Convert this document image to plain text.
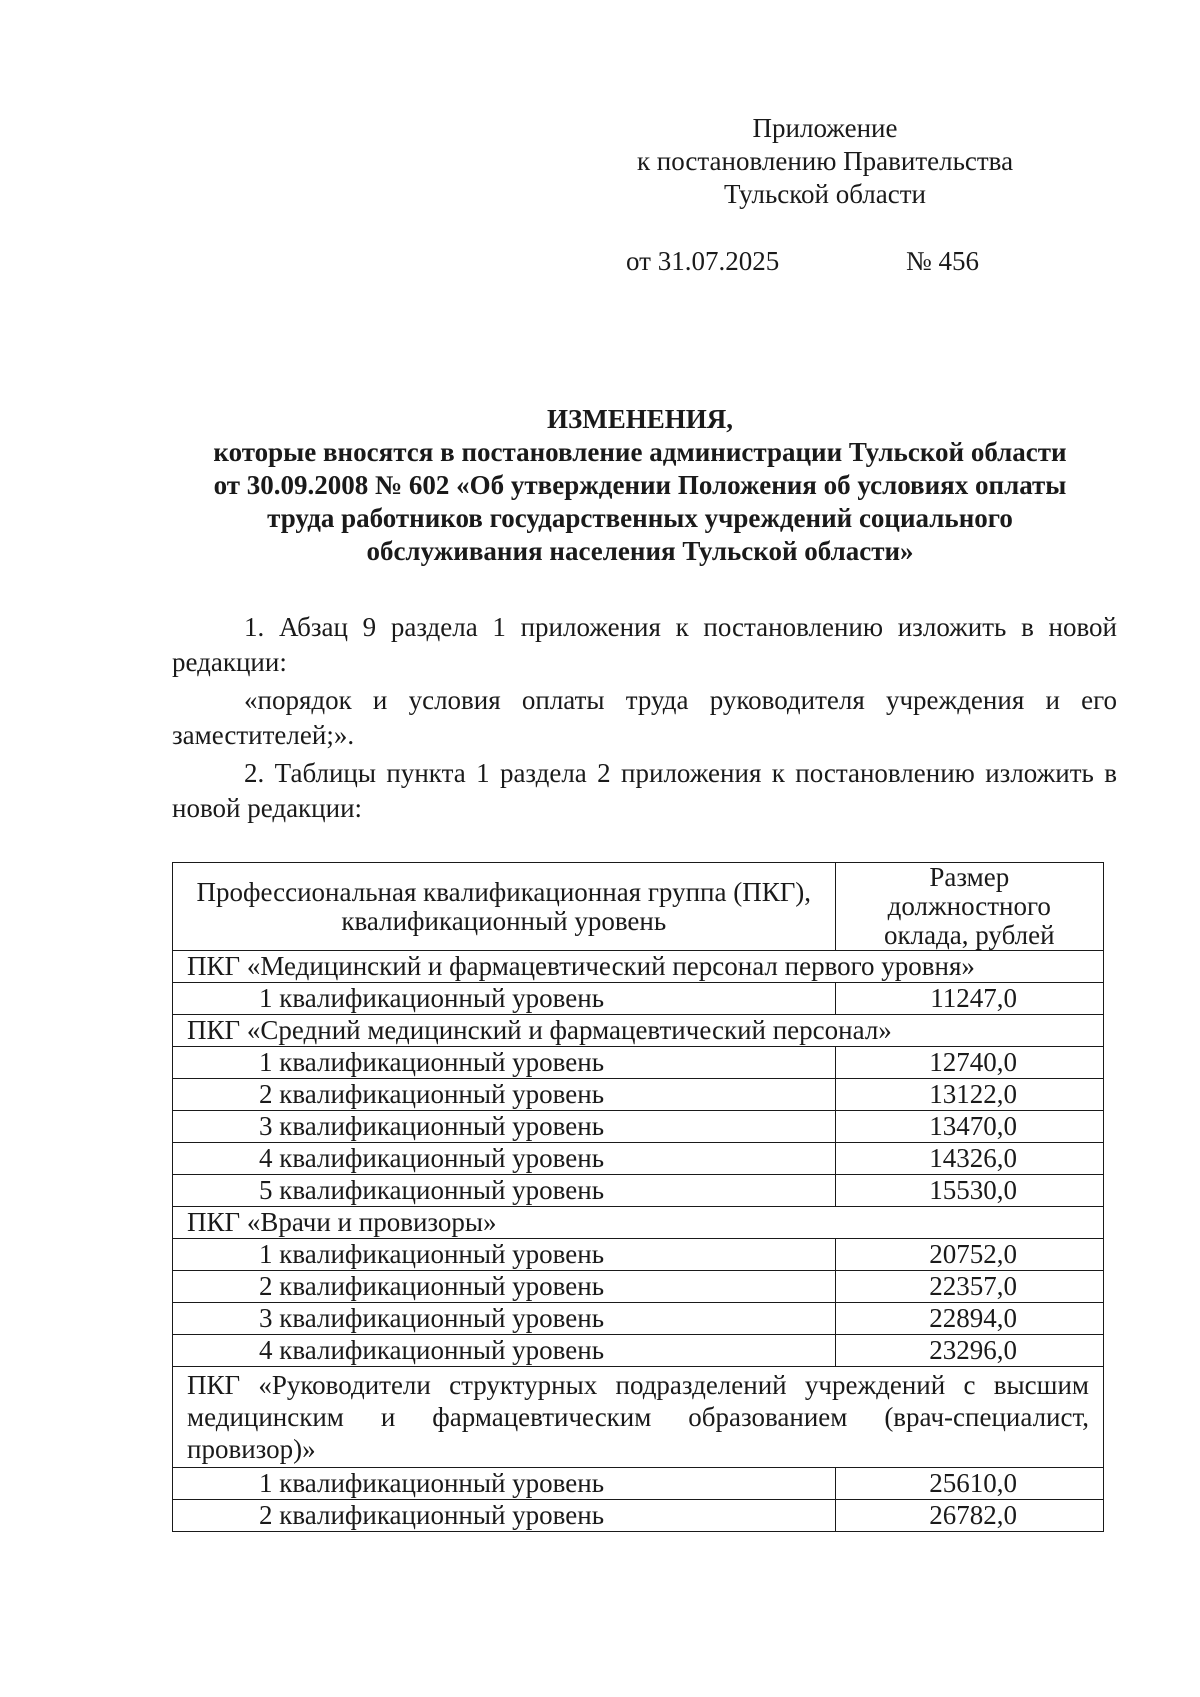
Приложение
к постановлению Правительства
Тульской области
от 31.07.2025	№ 456
ИЗМЕНЕНИЯ,
которые вносятся в постановление администрации Тульской области
от 30.09.2008 № 602 «Об утверждении Положения об условиях оплаты
труда работников государственных учреждений социального
обслуживания населения Тульской области»

1. Абзац 9 раздела 1 приложения к постановлению изложить в новой редакции:

«порядок и условия оплаты труда руководителя учреждения и его заместителей;».

2. Таблицы пункта 1 раздела 2 приложения к постановлению изложить в новой редакции:

Профессиональная квалификационная группа (ПКГ), квалификационный уровень	Размер должностного оклада, рублей
ПКГ «Медицинский и фармацевтический персонал первого уровня»	
1 квалификационный уровень	11247,0
ПКГ «Средний медицинский и фармацевтический персонал»	
1 квалификационный уровень	12740,0
2 квалификационный уровень	13122,0
3 квалификационный уровень	13470,0
4 квалификационный уровень	14326,0
5 квалификационный уровень	15530,0
ПКГ «Врачи и провизоры»	
1 квалификационный уровень	20752,0
2 квалификационный уровень	22357,0
3 квалификационный уровень	22894,0
4 квалификационный уровень	23296,0
ПКГ «Руководители структурных подразделений учреждений с высшим медицинским и фармацевтическим образованием (врач-специалист, провизор)»	
1 квалификационный уровень	25610,0
2 квалификационный уровень	26782,0
